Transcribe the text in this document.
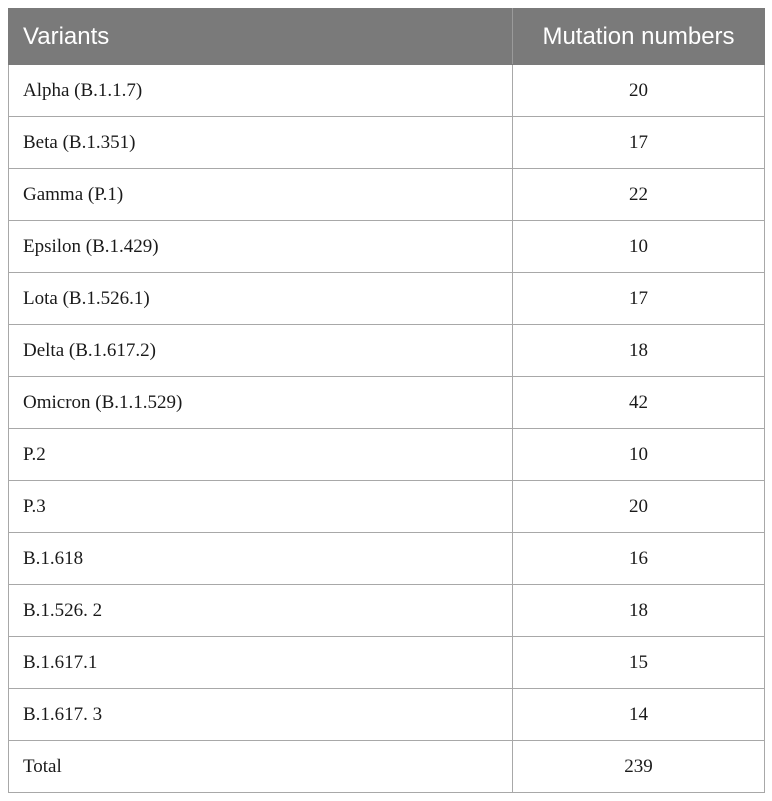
Variants	Mutation numbers
Alpha (B.1.1.7)	20
Beta (B.1.351)	17
Gamma (P.1)	22
Epsilon (B.1.429)	10
Lota (B.1.526.1)	17
Delta (B.1.617.2)	18
Omicron (B.1.1.529)	42
P.2	10
P.3	20
B.1.618	16
B.1.526. 2	18
B.1.617.1	15
B.1.617. 3	14
Total	239
